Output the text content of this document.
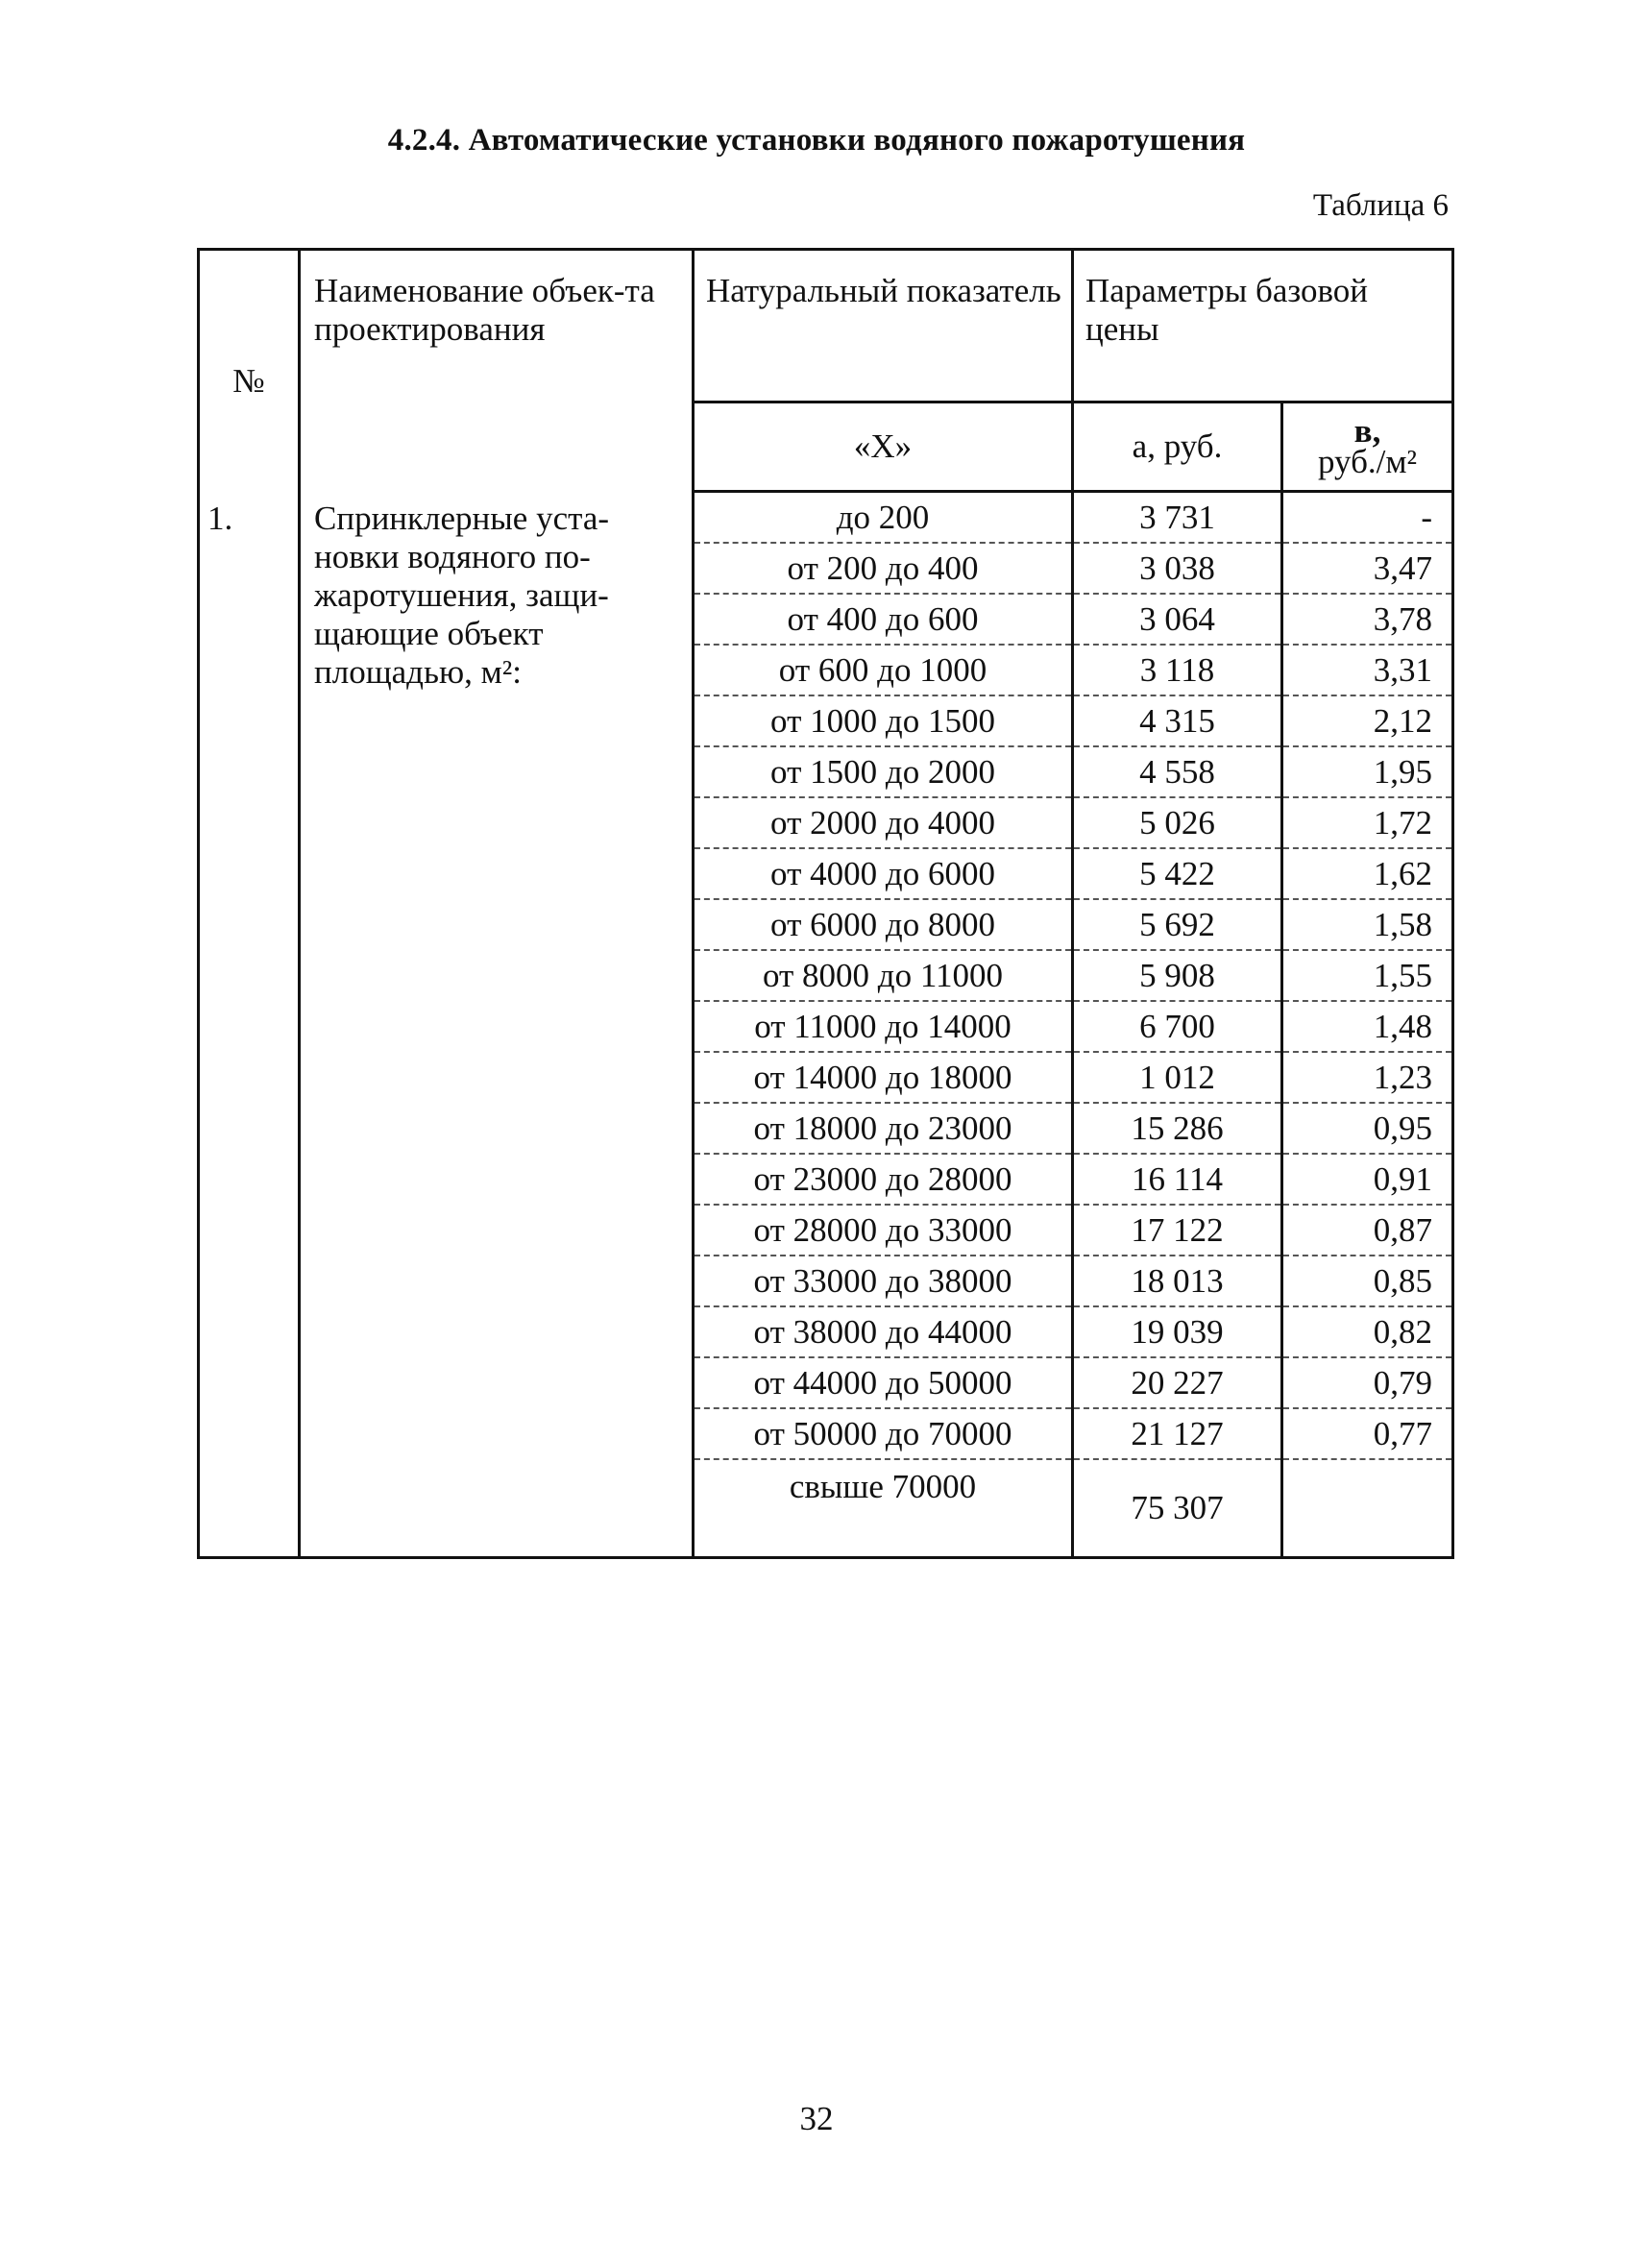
4.2.4. Автоматические установки водяного пожаротушения
Таблица 6
№	Наименование объек-та проектирования	Натуральный показатель	Параметры базовой цены	
		«X»	а, руб.	в,
руб./м²
1.	Спринклерные уста-новки водяного по-жаротушения, защи-щающие объект площадью, м²:	до 200	3 731	-
		от 200 до 400	3 038	3,47
		от 400 до 600	3 064	3,78
		от 600 до 1000	3 118	3,31
		от 1000 до 1500	4 315	2,12
		от 1500 до 2000	4 558	1,95
		от 2000 до 4000	5 026	1,72
		от 4000 до 6000	5 422	1,62
		от 6000 до 8000	5 692	1,58
		от 8000 до 11000	5 908	1,55
		от 11000 до 14000	6 700	1,48
		от 14000 до 18000	1 012	1,23
		от 18000 до 23000	15 286	0,95
		от 23000 до 28000	16 114	0,91
		от 28000 до 33000	17 122	0,87
		от 33000 до 38000	18 013	0,85
		от 38000 до 44000	19 039	0,82
		от 44000 до 50000	20 227	0,79
		от 50000 до 70000	21 127	0,77
		свыше 70000	75 307	
32
